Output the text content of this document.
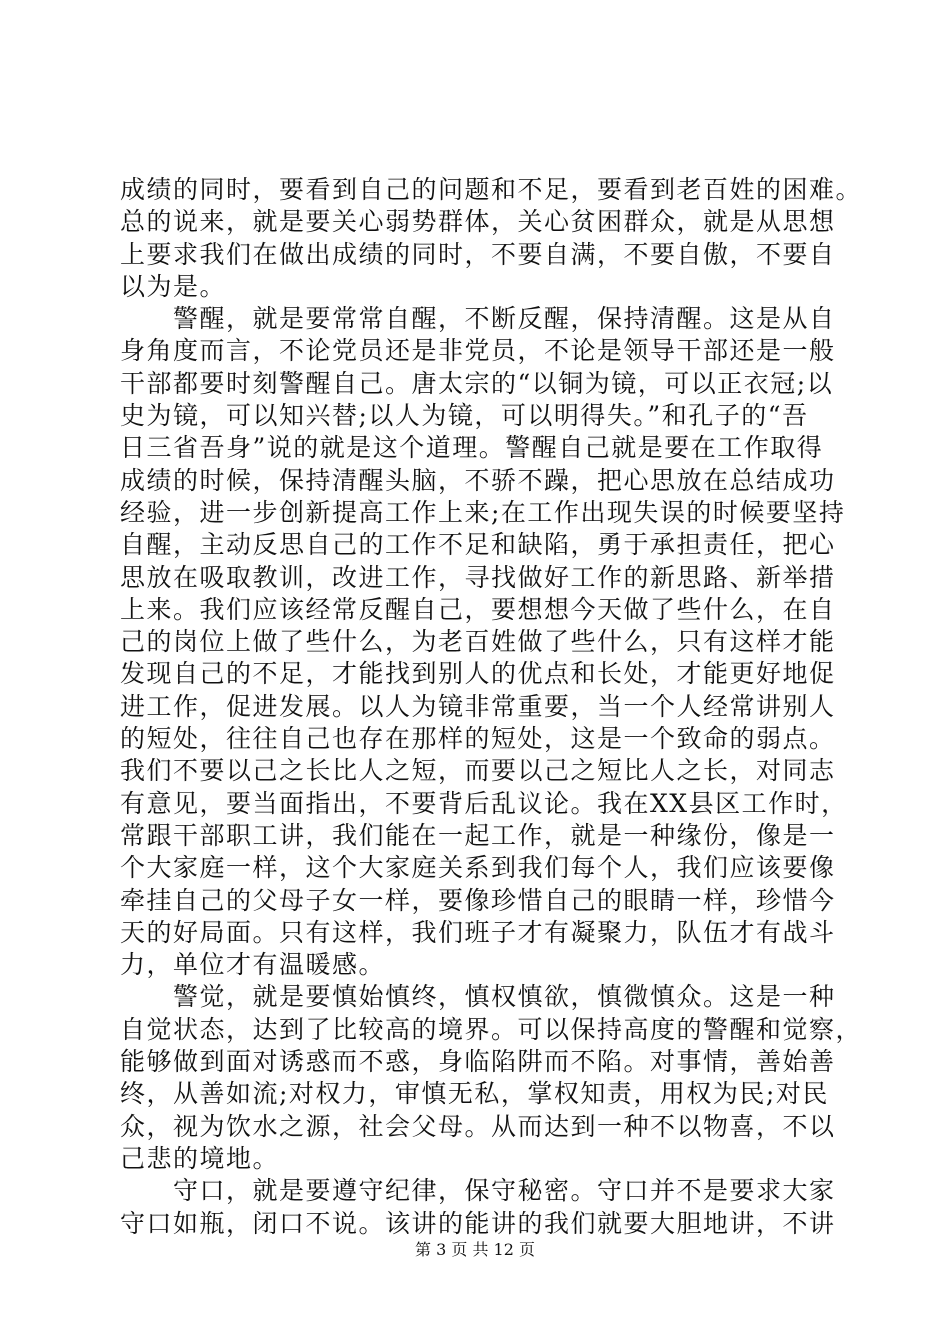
成绩的同时，要看到自己的问题和不足，要看到老百姓的困难。
总的说来，就是要关心弱势群体，关心贫困群众，就是从思想
上要求我们在做出成绩的同时，不要自满，不要自傲，不要自
以为是。
　　警醒，就是要常常自醒，不断反醒，保持清醒。这是从自
身角度而言，不论党员还是非党员，不论是领导干部还是一般
干部都要时刻警醒自己。唐太宗的“以铜为镜，可以正衣冠;以
史为镜，可以知兴替;以人为镜，可以明得失。”和孔子的“吾
日三省吾身”说的就是这个道理。警醒自己就是要在工作取得
成绩的时候，保持清醒头脑，不骄不躁，把心思放在总结成功
经验，进一步创新提高工作上来;在工作出现失误的时候要坚持
自醒，主动反思自己的工作不足和缺陷，勇于承担责任，把心
思放在吸取教训，改进工作，寻找做好工作的新思路、新举措
上来。我们应该经常反醒自己，要想想今天做了些什么，在自
己的岗位上做了些什么，为老百姓做了些什么，只有这样才能
发现自己的不足，才能找到别人的优点和长处，才能更好地促
进工作，促进发展。以人为镜非常重要，当一个人经常讲别人
的短处，往往自己也存在那样的短处，这是一个致命的弱点。
我们不要以己之长比人之短，而要以己之短比人之长，对同志
有意见，要当面指出，不要背后乱议论。我在XX县区工作时，
常跟干部职工讲，我们能在一起工作，就是一种缘份，像是一
个大家庭一样，这个大家庭关系到我们每个人，我们应该要像
牵挂自己的父母子女一样，要像珍惜自己的眼睛一样，珍惜今
天的好局面。只有这样，我们班子才有凝聚力，队伍才有战斗
力，单位才有温暖感。
　　警觉，就是要慎始慎终，慎权慎欲，慎微慎众。这是一种
自觉状态，达到了比较高的境界。可以保持高度的警醒和觉察，
能够做到面对诱惑而不惑，身临陷阱而不陷。对事情，善始善
终，从善如流;对权力，审慎无私，掌权知责，用权为民;对民
众，视为饮水之源，社会父母。从而达到一种不以物喜，不以
己悲的境地。
　　守口，就是要遵守纪律，保守秘密。守口并不是要求大家
守口如瓶，闭口不说。该讲的能讲的我们就要大胆地讲，不讲
第 3 页 共 12 页
